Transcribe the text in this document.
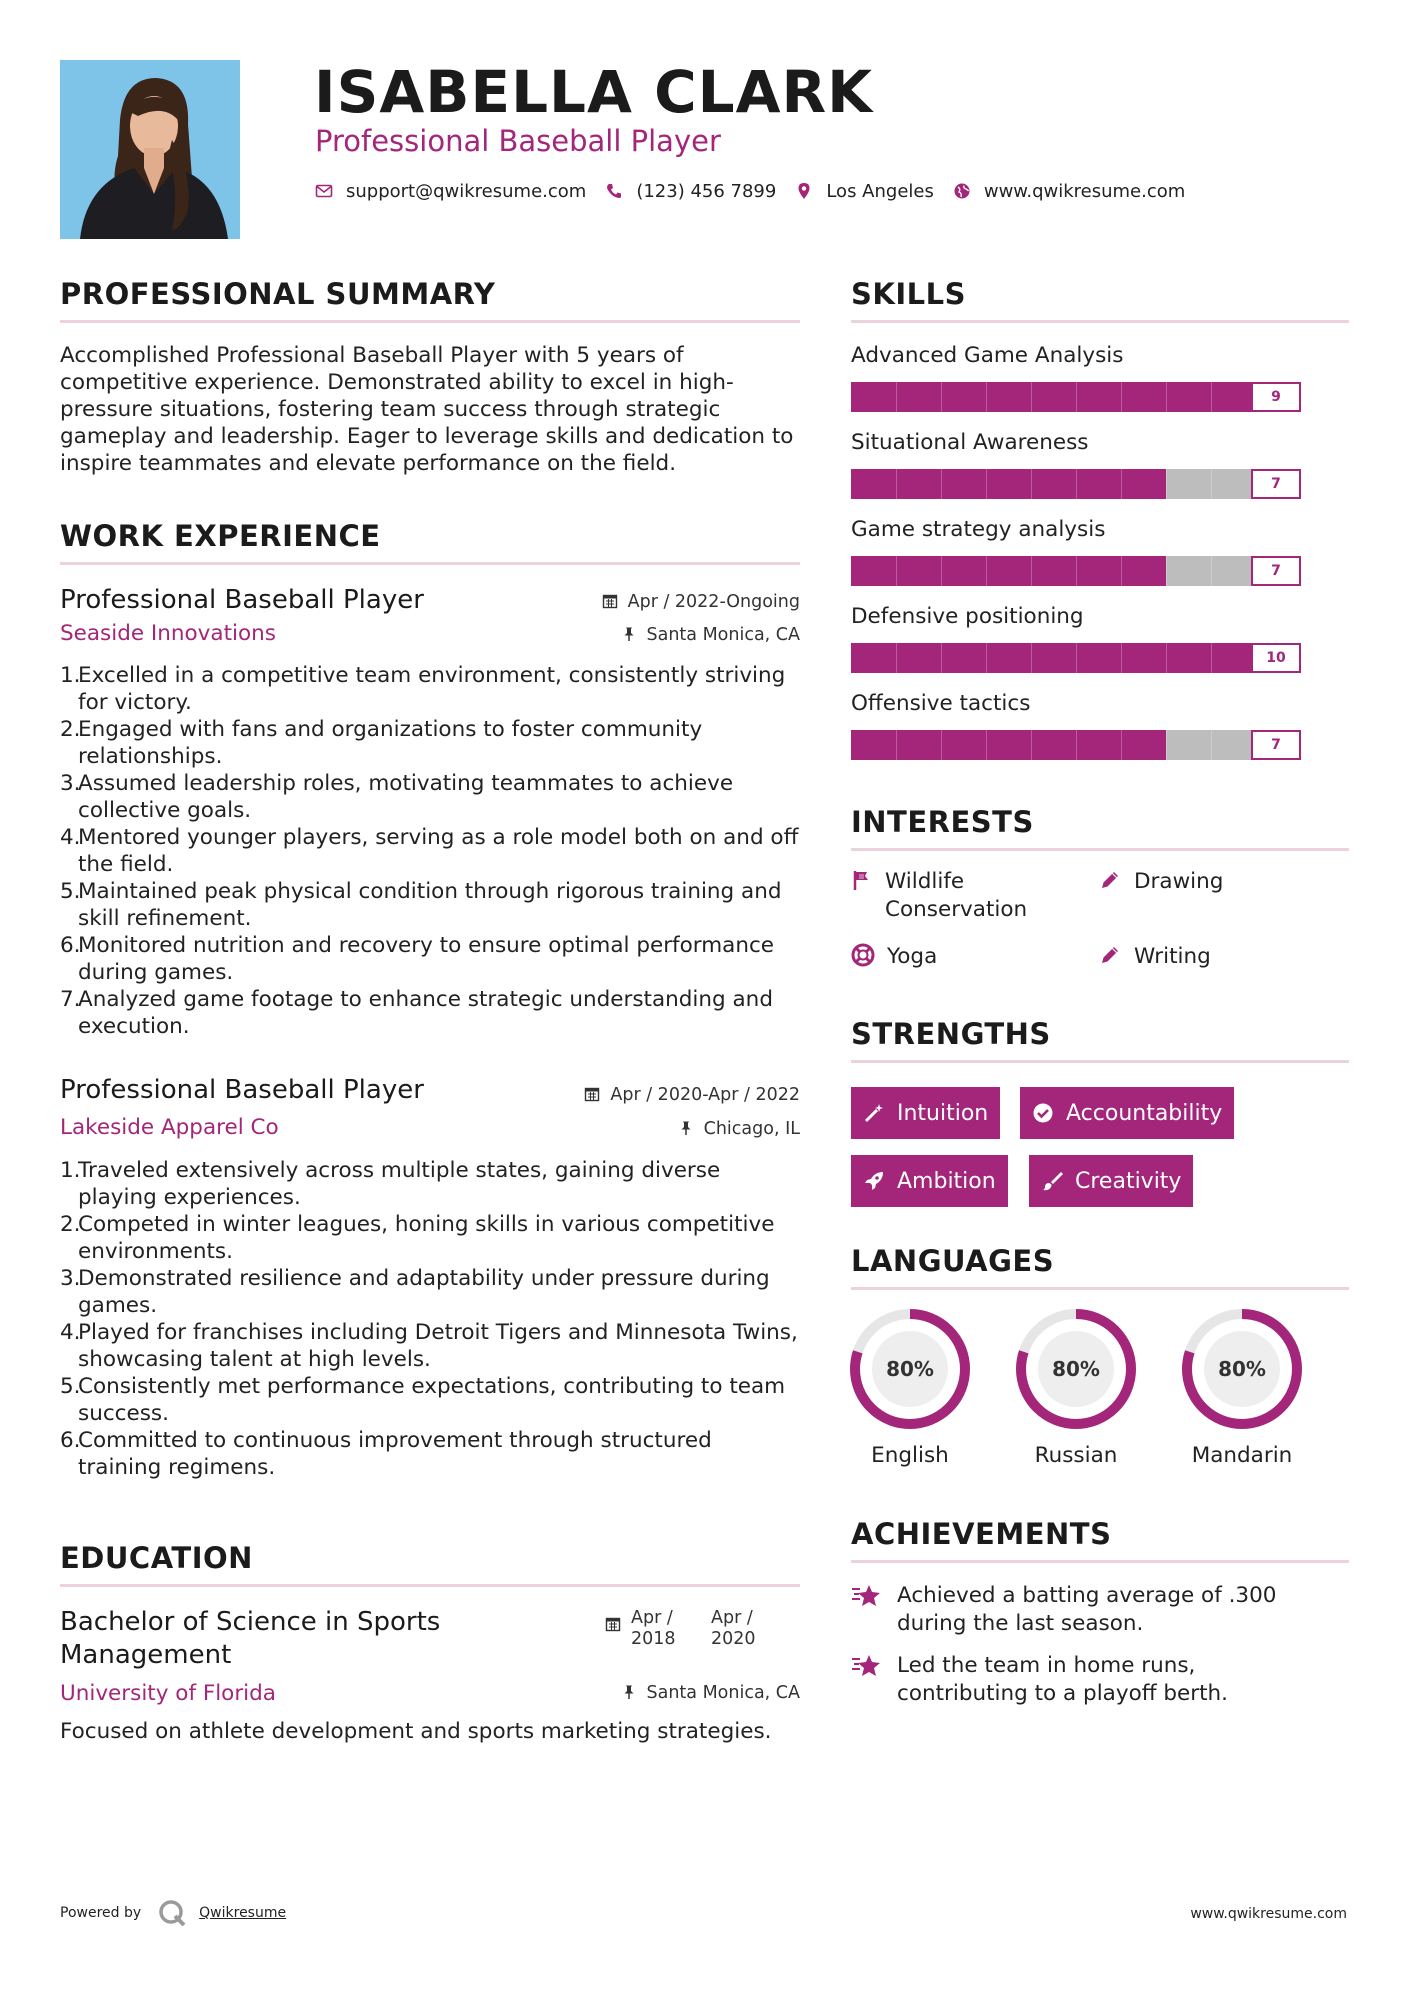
ISABELLA CLARK
Professional Baseball Player
support@qwikresume.com	(123) 456 7899	Los Angeles	www.qwikresume.com
PROFESSIONAL SUMMARY
Accomplished Professional Baseball Player with 5 years of competitive experience. Demonstrated ability to excel in high-pressure situations, fostering team success through strategic gameplay and leadership. Eager to leverage skills and dedication to inspire teammates and elevate performance on the field.
WORK EXPERIENCE
Professional Baseball Player	Apr / 2022-Ongoing
Seaside Innovations	Santa Monica, CA
1.
Excelled in a competitive team environment, consistently striving for victory.
2.
Engaged with fans and organizations to foster community relationships.
3.
Assumed leadership roles, motivating teammates to achieve collective goals.
4.
Mentored younger players, serving as a role model both on and off the field.
5.
Maintained peak physical condition through rigorous training and skill refinement.
6.
Monitored nutrition and recovery to ensure optimal performance during games.
7.
Analyzed game footage to enhance strategic understanding and execution.
Professional Baseball Player	Apr / 2020-Apr / 2022
Lakeside Apparel Co	Chicago, IL
1.
Traveled extensively across multiple states, gaining diverse playing experiences.
2.
Competed in winter leagues, honing skills in various competitive environments.
3.
Demonstrated resilience and adaptability under pressure during games.
4.
Played for franchises including Detroit Tigers and Minnesota Twins, showcasing talent at high levels.
5.
Consistently met performance expectations, contributing to team success.
6.
Committed to continuous improvement through structured training regimens.
EDUCATION
Bachelor of Science in Sports Management
Apr / 2018
Apr / 2020
University of Florida	Santa Monica, CA
Focused on athlete development and sports marketing strategies.
SKILLS
Advanced Game Analysis
9
Situational Awareness
7
Game strategy analysis
7
Defensive positioning
10
Offensive tactics
7
INTERESTS
Wildlife Conservation
Drawing
Yoga	Writing
STRENGTHS
Intuition	Accountability
Ambition	Creativity
LANGUAGES
80%
English
80%
Russian
80%
Mandarin
ACHIEVEMENTS
Achieved a batting average of .300 during the last season.
Led the team in home runs, contributing to a playoff berth.
Powered by	Qwikresume	www.qwikresume.com
